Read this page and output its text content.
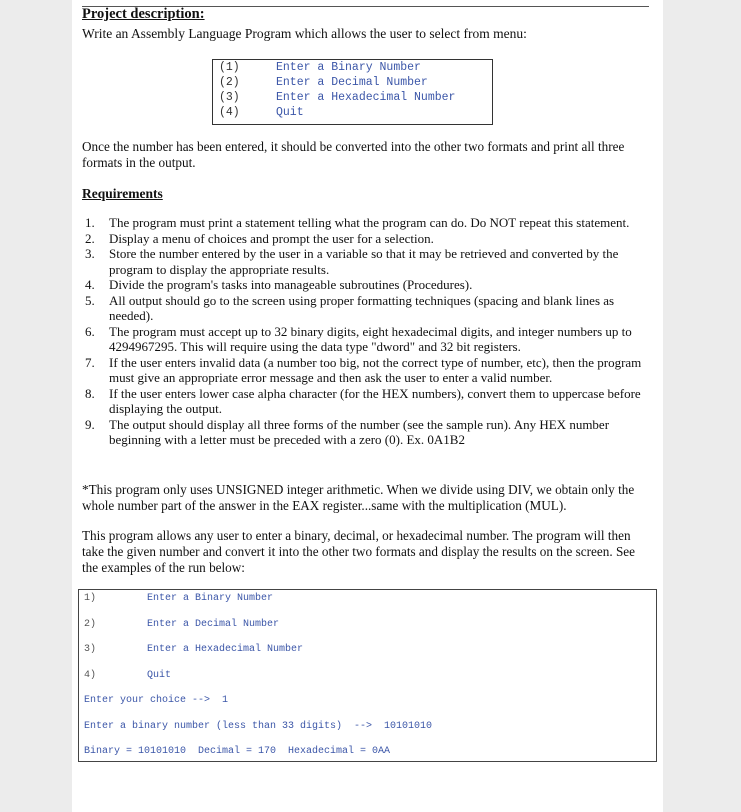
Project description:
Write an Assembly Language Program which allows the user to select from menu:
(1)	Enter a Binary Number
(2)	Enter a Decimal Number
(3)	Enter a Hexadecimal Number
(4)	Quit
Once the number has been entered, it should be converted into the other two formats and print all three formats in the output.
Requirements
1.	The program must print a statement telling what the program can do. Do NOT repeat this statement.
2.	Display a menu of choices and prompt the user for a selection.
3.	Store the number entered by the user in a variable so that it may be retrieved and converted by the program to display the appropriate results.
4.	Divide the program's tasks into manageable subroutines (Procedures).
5.	All output should go to the screen using proper formatting techniques (spacing and blank lines as needed).
6.	The program must accept up to 32 binary digits, eight hexadecimal digits, and integer numbers up to 4294967295. This will require using the data type "dword" and 32 bit registers.
7.	If the user enters invalid data (a number too big, not the correct type of number, etc), then the program must give an appropriate error message and then ask the user to enter a valid number.
8.	If the user enters lower case alpha character (for the HEX numbers), convert them to uppercase before displaying the output.
9.	The output should display all three forms of the number (see the sample run). Any HEX number beginning with a letter must be preceded with a zero (0). Ex. 0A1B2
*This program only uses UNSIGNED integer arithmetic. When we divide using DIV, we obtain only the whole number part of the answer in the EAX register...same with the multiplication (MUL).
This program allows any user to enter a binary, decimal, or hexadecimal number. The program will then take the given number and convert it into the other two formats and display the results on the screen. See the examples of the run below:
1)	Enter a Binary Number
2)	Enter a Decimal Number
3)	Enter a Hexadecimal Number
4)	Quit
Enter your choice -->  1
Enter a binary number (less than 33 digits)  -->  10101010
Binary = 10101010  Decimal = 170  Hexadecimal = 0AA
